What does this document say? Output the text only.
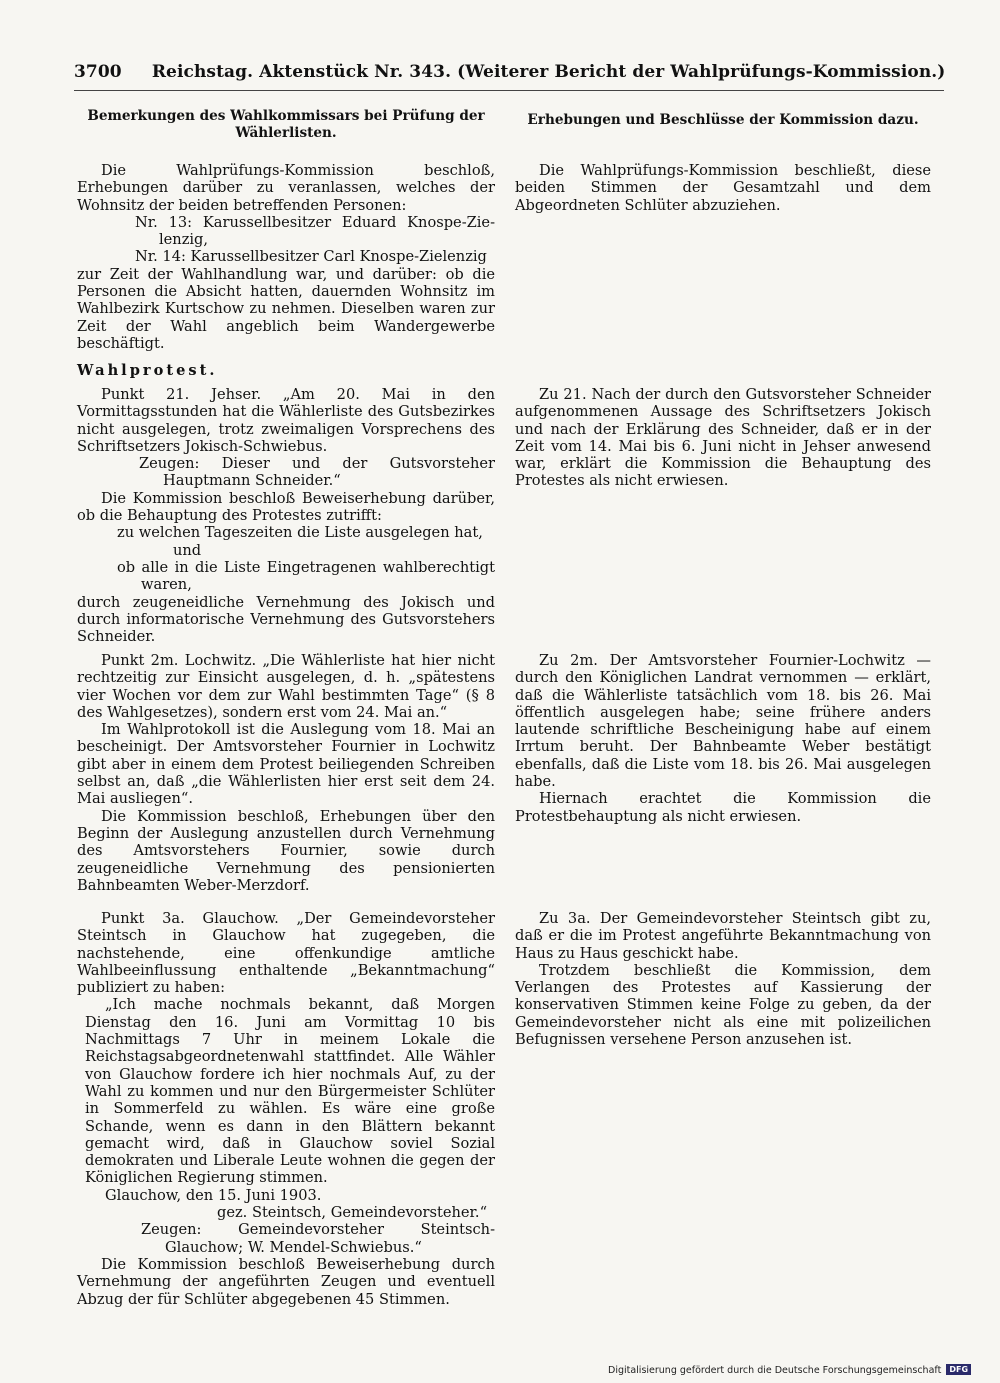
3700 Reichstag. Aktenstück Nr. 343. (Weiterer Bericht der Wahlprüfungs-Kommission.)
Bemerkungen des Wahlkommissars bei Prüfung der Wählerlisten.

Die Wahlprüfungs-Kommission beschloß, Erhebungen darüber zu veranlassen, welches der Wohnsitz der beiden betreffenden Personen:

Nr. 13: Karussellbesitzer Eduard Knospe-Zie-lenzig,

Nr. 14: Karussellbesitzer Carl Knospe-Zielenzig

zur Zeit der Wahlhandlung war, und darüber: ob die Personen die Absicht hatten, dauernden Wohnsitz im Wahlbezirk Kurtschow zu nehmen. Dieselben waren zur Zeit der Wahl angeblich beim Wandergewerbe beschäftigt.

Wahlprotest.

Punkt 21. Jehser. „Am 20. Mai in den Vormittagsstunden hat die Wählerliste des Gutsbezirkes nicht ausgelegen, trotz zweimaligen Vorsprechens des Schriftsetzers Jokisch-Schwiebus.

Zeugen: Dieser und der Gutsvorsteher Hauptmann Schneider.“

Die Kommission beschloß Beweiserhebung darüber, ob die Behauptung des Protestes zutrifft:

zu welchen Tageszeiten die Liste ausgelegen hat,

und

ob alle in die Liste Eingetragenen wahlberechtigt waren,

durch zeugeneidliche Vernehmung des Jokisch und durch informatorische Vernehmung des Gutsvorstehers Schneider.

Punkt 2m. Lochwitz. „Die Wählerliste hat hier nicht rechtzeitig zur Einsicht ausgelegen, d. h. „spätestens vier Wochen vor dem zur Wahl bestimmten Tage“ (§ 8 des Wahlgesetzes), sondern erst vom 24. Mai an.“

Im Wahlprotokoll ist die Auslegung vom 18. Mai an bescheinigt. Der Amtsvorsteher Fournier in Lochwitz gibt aber in einem dem Protest beiliegenden Schreiben selbst an, daß „die Wählerlisten hier erst seit dem 24. Mai ausliegen“.

Die Kommission beschloß, Erhebungen über den Beginn der Auslegung anzustellen durch Vernehmung des Amtsvorstehers Fournier, sowie durch zeugeneidliche Vernehmung des pensionierten Bahnbeamten Weber-Merzdorf.

Punkt 3a. Glauchow. „Der Gemeindevorsteher Steintsch in Glauchow hat zugegeben, die nachstehende, eine offenkundige amtliche Wahlbeeinflussung enthaltende „Bekanntmachung“ publiziert zu haben:

„Ich mache nochmals bekannt, daß Morgen Dienstag den 16. Juni am Vormittag 10 bis Nachmittags 7 Uhr in meinem Lokale die Reichstagsabgeordnetenwahl stattfindet. Alle Wähler von Glauchow fordere ich hier nochmals Auf, zu der Wahl zu kommen und nur den Bürgermeister Schlüter in Sommerfeld zu wählen. Es wäre eine große Schande, wenn es dann in den Blättern bekannt gemacht wird, daß in Glauchow soviel Sozial demokraten und Liberale Leute wohnen die gegen der Königlichen Regierung stimmen.

Glauchow, den 15. Juni 1903.

gez. Steintsch, Gemeindevorsteher.“

Zeugen: Gemeindevorsteher Steintsch-Glauchow; W. Mendel-Schwiebus.“

Die Kommission beschloß Beweiserhebung durch Vernehmung der angeführten Zeugen und eventuell Abzug der für Schlüter abgegebenen 45 Stimmen.

Erhebungen und Beschlüsse der Kommission dazu.

Die Wahlprüfungs-Kommission beschließt, diese beiden Stimmen der Gesamtzahl und dem Abgeordneten Schlüter abzuziehen.

Zu 21. Nach der durch den Gutsvorsteher Schneider aufgenommenen Aussage des Schriftsetzers Jokisch und nach der Erklärung des Schneider, daß er in der Zeit vom 14. Mai bis 6. Juni nicht in Jehser anwesend war, erklärt die Kommission die Behauptung des Protestes als nicht erwiesen.

Zu 2m. Der Amtsvorsteher Fournier-Lochwitz — durch den Königlichen Landrat vernommen — erklärt, daß die Wählerliste tatsächlich vom 18. bis 26. Mai öffentlich ausgelegen habe; seine frühere anders lautende schriftliche Bescheinigung habe auf einem Irrtum beruht. Der Bahnbeamte Weber bestätigt ebenfalls, daß die Liste vom 18. bis 26. Mai ausgelegen habe.

Hiernach erachtet die Kommission die Protestbehauptung als nicht erwiesen.

Zu 3a. Der Gemeindevorsteher Steintsch gibt zu, daß er die im Protest angeführte Bekanntmachung von Haus zu Haus geschickt habe.

Trotzdem beschließt die Kommission, dem Verlangen des Protestes auf Kassierung der konservativen Stimmen keine Folge zu geben, da der Gemeindevorsteher nicht als eine mit polizeilichen Befugnissen versehene Person anzusehen ist.

Digitalisierung gefördert durch die Deutsche Forschungsgemeinschaft DFG
